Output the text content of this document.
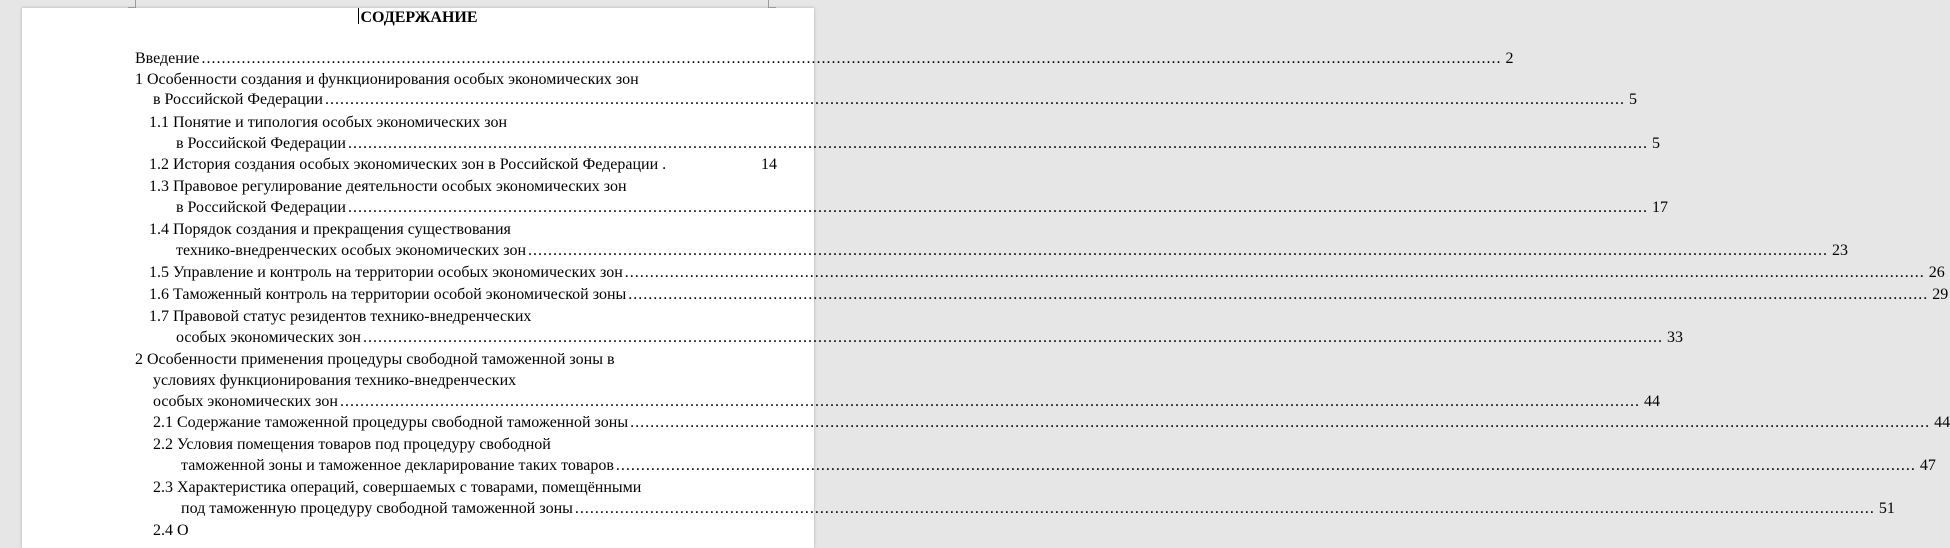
СОДЕРЖАНИЕ
Введение .................................................................................................................................................................................................................................................................... 2
1 Особенности создания и функционирования особых экономических зон
в Российской Федерации .................................................................................................................................................................................................................................................................... 5
1.1 Понятие и типология особых экономических зон
в Российской Федерации .................................................................................................................................................................................................................................................................... 5
1.2 История создания особых экономических зон в Российской Федерации .	14
1.3 Правовое регулирование деятельности особых экономических зон
в Российской Федерации .................................................................................................................................................................................................................................................................... 17
1.4 Порядок создания и прекращения существования
технико-внедренческих особых экономических зон .................................................................................................................................................................................................................................................................... 23
1.5 Управление и контроль на территории особых экономических зон .................................................................................................................................................................................................................................................................... 26
1.6 Таможенный контроль на территории особой экономической зоны .................................................................................................................................................................................................................................................................... 29
1.7 Правовой статус резидентов технико-внедренческих
особых экономических зон .................................................................................................................................................................................................................................................................... 33
2 Особенности применения процедуры свободной таможенной зоны в
условиях функционирования технико-внедренческих
особых экономических зон .................................................................................................................................................................................................................................................................... 44
2.1 Содержание таможенной процедуры свободной таможенной зоны .................................................................................................................................................................................................................................................................... 44
2.2 Условия помещения товаров под процедуру свободной
таможенной зоны и таможенное декларирование таких товаров .................................................................................................................................................................................................................................................................... 47
2.3 Характеристика операций, совершаемых с товарами, помещёнными
под таможенную процедуру свободной таможенной зоны .................................................................................................................................................................................................................................................................... 51
2.4 О
